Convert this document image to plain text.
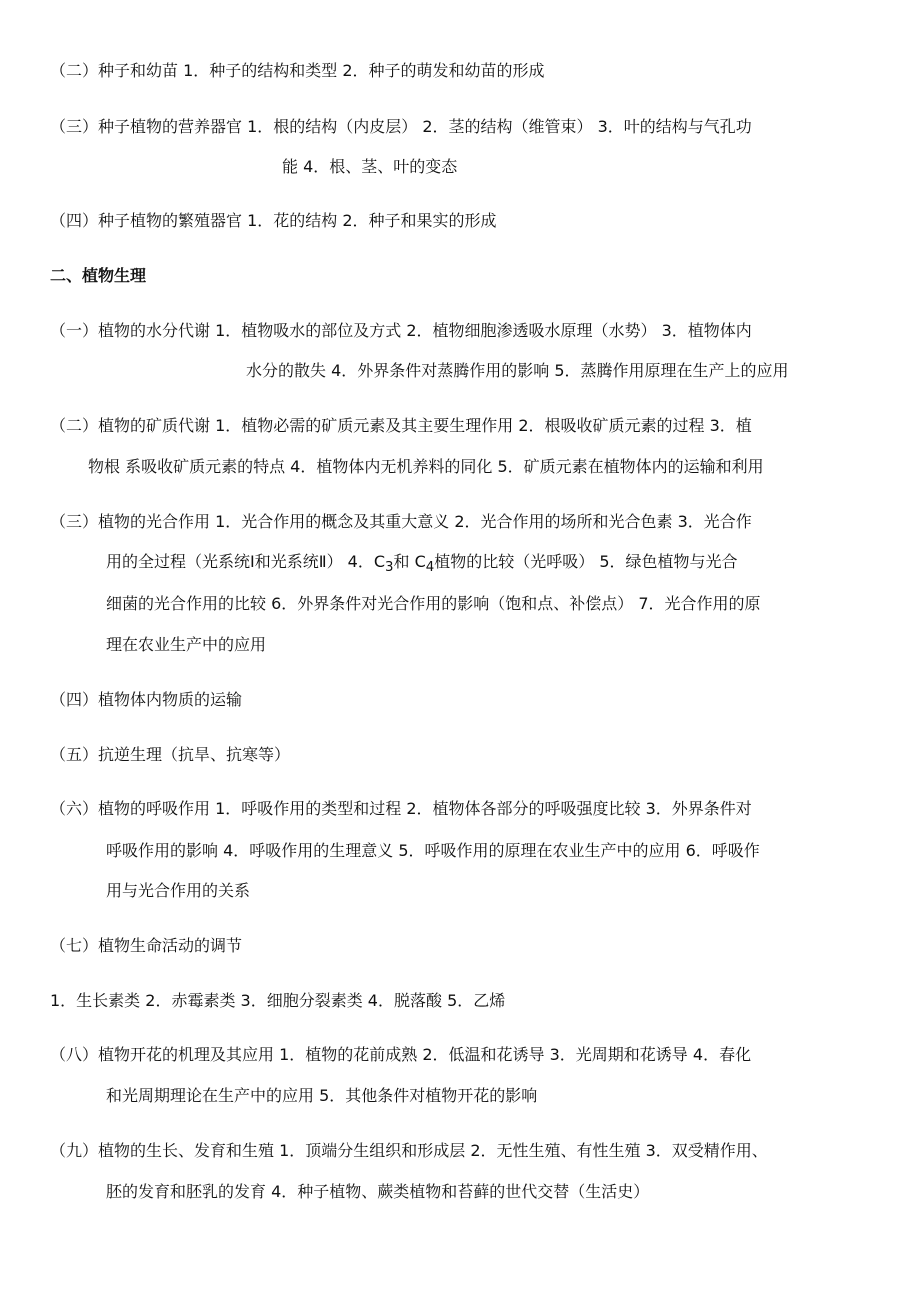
（二）种子和幼苗 1．种子的结构和类型 2．种子的萌发和幼苗的形成
（三）种子植物的营养器官 1．根的结构（内皮层） 2．茎的结构（维管束） 3．叶的结构与气孔功
能 4．根、茎、叶的变态
（四）种子植物的繁殖器官 1．花的结构 2．种子和果实的形成
二、植物生理
（一）植物的水分代谢 1．植物吸水的部位及方式 2．植物细胞渗透吸水原理（水势） 3．植物体内
水分的散失 4．外界条件对蒸腾作用的影响 5．蒸腾作用原理在生产上的应用
（二）植物的矿质代谢 1．植物必需的矿质元素及其主要生理作用 2．根吸收矿质元素的过程 3．植
物根 系吸收矿质元素的特点 4．植物体内无机养料的同化 5．矿质元素在植物体内的运输和利用
（三）植物的光合作用 1．光合作用的概念及其重大意义 2．光合作用的场所和光合色素 3．光合作
用的全过程（光系统Ⅰ和光系统Ⅱ） 4．$C_3$和 $C_4$植物的比较（光呼吸） 5．绿色植物与光合
细菌的光合作用的比较 6．外界条件对光合作用的影响（饱和点、补偿点） 7．光合作用的原
理在农业生产中的应用
（四）植物体内物质的运输
（五）抗逆生理（抗旱、抗寒等）
（六）植物的呼吸作用 1．呼吸作用的类型和过程 2．植物体各部分的呼吸强度比较 3．外界条件对
呼吸作用的影响 4．呼吸作用的生理意义 5．呼吸作用的原理在农业生产中的应用 6．呼吸作
用与光合作用的关系
（七）植物生命活动的调节
1．生长素类 2．赤霉素类 3．细胞分裂素类 4．脱落酸 5．乙烯
（八）植物开花的机理及其应用 1．植物的花前成熟 2．低温和花诱导 3．光周期和花诱导 4．春化
和光周期理论在生产中的应用 5．其他条件对植物开花的影响
（九）植物的生长、发育和生殖 1．顶端分生组织和形成层 2．无性生殖、有性生殖 3．双受精作用、
胚的发育和胚乳的发育 4．种子植物、蕨类植物和苔藓的世代交替（生活史）
